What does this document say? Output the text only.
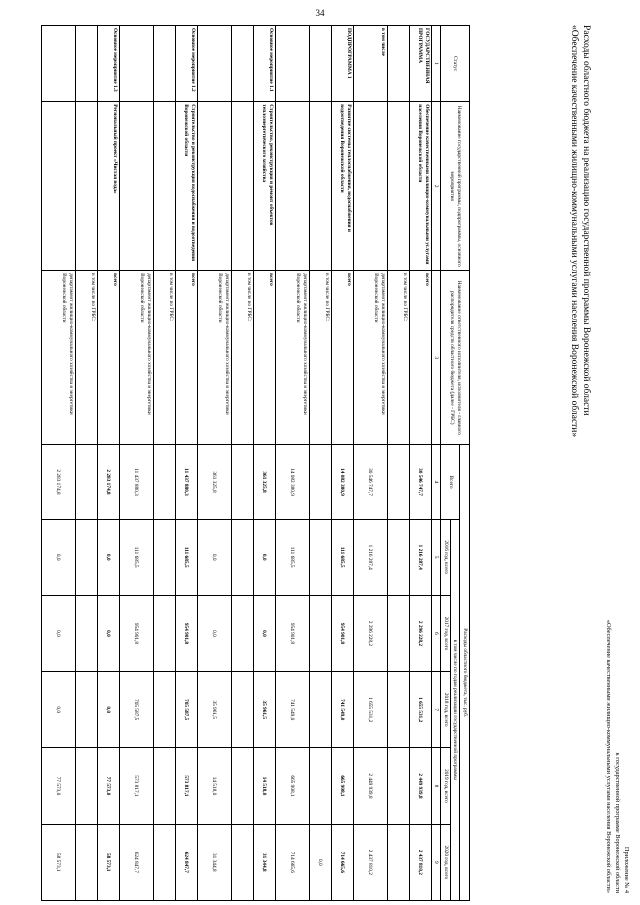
34
Приложение № 4
к государственной программе Воронежской области
«Обеспечение качественными жилищно-коммунальными услугами населения Воронежской области»
Расходы областного бюджета на реализацию государственной программы Воронежской области
«Обеспечение качественными жилищно-коммунальными услугами населения Воронежской области»
Статус	Наименование государственной программы, подпрограммы, основного мероприятия	Наименование ответственного исполнителя, исполнителя - главного распорядителя средств областного бюджета (далее - ГРБС)	Расходы областного бюджета, тыс. руб.					
			Всего	в том числе по годам реализации государственной программы				
				2016 год, всего	2017 год, всего	2018 год, всего	2019 год, всего	2020 год, всего
1	2	3	4	5	6	7	8	9
ГОСУДАРСТВЕННАЯ ПРОГРАММА	Обеспечение качественными жилищно-коммунальными услугами населения Воронежской области	всего	30 546 747,7	1 216 287,4	2 296 228,2	1 655 531,2	2 449 939,8	2 437 810,2
		в том числе по ГРБС:						
в том числе		департамент жилищно-коммунального хозяйства и энергетики Воронежской области	30 546 747,7	1 216 287,4	2 296 228,2	1 655 531,2	2 449 939,8	2 437 810,2
ПОДПРОГРАММА 1	Развитие системы теплоснабжения, водоснабжения и водоотведения Воронежской области	всего	14 082 380,9	111 685,5	954 901,8	741 549,0	665 908,1	714 665,6
		в том числе по ГРБС:						0,0
		департамент жилищно-коммунального хозяйства и энергетики Воронежской области	14 082 380,9	111 685,5	954 901,8	741 549,0	665 908,1	714 665,6
Основное мероприятие 1.1	Строительство, реконструкция и ремонт объектов теплоэнергетического хозяйства	всего	361 325,8	0,0	0,0	35 961,5	14 518,0	31 344,8
		в том числе по ГРБС:						
		департамент жилищно-коммунального хозяйства и энергетики Воронежской области	361 325,8	0,0	0,0	35 961,5	14 518,0	31 344,8
Основное мероприятие 1.2	Строительство и реконструкция водоснабжения и водоотведения Воронежской области	всего	11 437 880,3	111 685,5	954 901,8	705 587,5	573 817,1	624 847,7
		в том числе по ГРБС:						
		департамент жилищно-коммунального хозяйства и энергетики Воронежской области	11 437 880,3	111 685,5	954 901,8	705 587,5	573 817,1	624 847,7
Основное мероприятие 1.3	Региональный проект «Чистая вода»	всего	2 283 174,8	0,0	0,0	0,0	77 573,0	58 573,1
		в том числе по ГРБС:						
		департамент жилищно-коммунального хозяйства и энергетики Воронежской области	2 283 174,8	0,0	0,0	0,0	77 573,0	58 573,1
